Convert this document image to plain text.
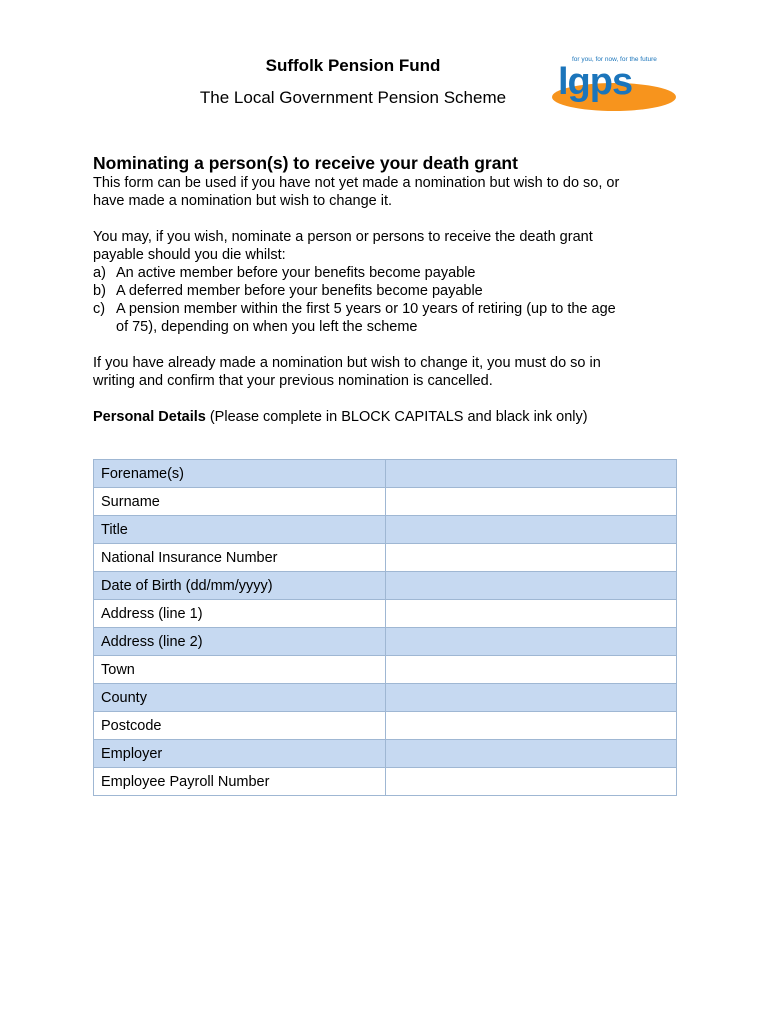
Suffolk Pension Fund
The Local Government Pension Scheme
for you, for now, for the future
lgps

Nominating a person(s) to receive your death grant

This form can be used if you have not yet made a nomination but wish to do so, or

have made a nomination but wish to change it.

You may, if you wish, nominate a person or persons to receive the death grant

payable should you die whilst:

a) An active member before your benefits become payable
b) A deferred member before your benefits become payable
c) A pension member within the first 5 years or 10 years of retiring (up to the age
of 75), depending on when you left the scheme

If you have already made a nomination but wish to change it, you must do so in

writing and confirm that your previous nomination is cancelled.

Personal Details (Please complete in BLOCK CAPITALS and black ink only)

Forename(s)	
Surname	
Title	
National Insurance Number	
Date of Birth (dd/mm/yyyy)	
Address (line 1)	
Address (line 2)	
Town	
County	
Postcode	
Employer	
Employee Payroll Number	
